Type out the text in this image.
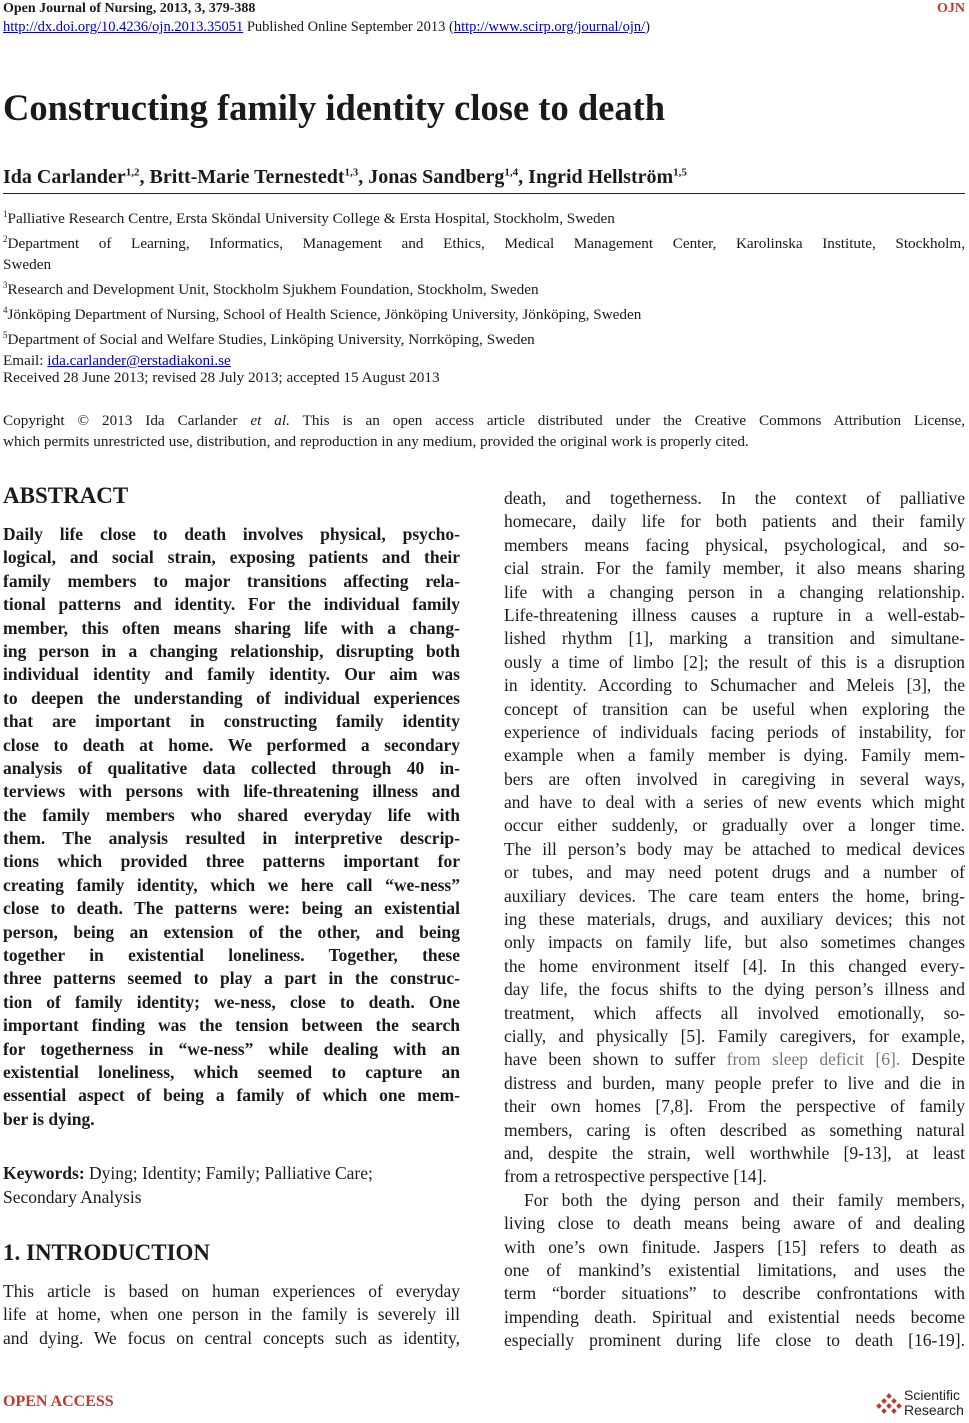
Open Journal of Nursing, 2013, 3, 379-388	OJN
http://dx.doi.org/10.4236/ojn.2013.35051 Published Online September 2013 (http://www.scirp.org/journal/ojn/)
Constructing family identity close to death
Ida Carlander$^{1,2}$, Britt-Marie Ternestedt$^{1,3}$, Jonas Sandberg$^{1,4}$, Ingrid Hellström$^{1,5}$
$^1$Palliative Research Centre, Ersta Sköndal University College & Ersta Hospital, Stockholm, Sweden
$^2$Department of Learning, Informatics, Management and Ethics, Medical Management Center, Karolinska Institute, Stockholm,
Sweden
$^3$Research and Development Unit, Stockholm Sjukhem Foundation, Stockholm, Sweden
$^4$Jönköping Department of Nursing, School of Health Science, Jönköping University, Jönköping, Sweden
$^5$Department of Social and Welfare Studies, Linköping University, Norrköping, Sweden
Email: ida.carlander@erstadiakoni.se
Received 28 June 2013; revised 28 July 2013; accepted 15 August 2013
Copyright © 2013 Ida Carlander et al. This is an open access article distributed under the Creative Commons Attribution License,
which permits unrestricted use, distribution, and reproduction in any medium, provided the original work is properly cited.
ABSTRACT
Daily life close to death involves physical, psycho-
logical, and social strain, exposing patients and their
family members to major transitions affecting rela-
tional patterns and identity. For the individual family
member, this often means sharing life with a chang-
ing person in a changing relationship, disrupting both
individual identity and family identity. Our aim was
to deepen the understanding of individual experiences
that are important in constructing family identity
close to death at home. We performed a secondary
analysis of qualitative data collected through 40 in-
terviews with persons with life-threatening illness and
the family members who shared everyday life with
them. The analysis resulted in interpretive descrip-
tions which provided three patterns important for
creating family identity, which we here call “we-ness”
close to death. The patterns were: being an existential
person, being an extension of the other, and being
together in existential loneliness. Together, these
three patterns seemed to play a part in the construc-
tion of family identity; we-ness, close to death. One
important finding was the tension between the search
for togetherness in “we-ness” while dealing with an
existential loneliness, which seemed to capture an
essential aspect of being a family of which one mem-
ber is dying.
Keywords: Dying; Identity; Family; Palliative Care;
Secondary Analysis
1. INTRODUCTION
This article is based on human experiences of everyday
life at home, when one person in the family is severely ill
and dying. We focus on central concepts such as identity,
death, and togetherness. In the context of palliative
homecare, daily life for both patients and their family
members means facing physical, psychological, and so-
cial strain. For the family member, it also means sharing
life with a changing person in a changing relationship.
Life-threatening illness causes a rupture in a well-estab-
lished rhythm [1], marking a transition and simultane-
ously a time of limbo [2]; the result of this is a disruption
in identity. According to Schumacher and Meleis [3], the
concept of transition can be useful when exploring the
experience of individuals facing periods of instability, for
example when a family member is dying. Family mem-
bers are often involved in caregiving in several ways,
and have to deal with a series of new events which might
occur either suddenly, or gradually over a longer time.
The ill person’s body may be attached to medical devices
or tubes, and may need potent drugs and a number of
auxiliary devices. The care team enters the home, bring-
ing these materials, drugs, and auxiliary devices; this not
only impacts on family life, but also sometimes changes
the home environment itself [4]. In this changed every-
day life, the focus shifts to the dying person’s illness and
treatment, which affects all involved emotionally, so-
cially, and physically [5]. Family caregivers, for example,
have been shown to suffer from sleep deficit [6]. Despite
distress and burden, many people prefer to live and die in
their own homes [7,8]. From the perspective of family
members, caring is often described as something natural
and, despite the strain, well worthwhile [9-13], at least
from a retrospective perspective [14].
For both the dying person and their family members,
living close to death means being aware of and dealing
with one’s own finitude. Jaspers [15] refers to death as
one of mankind’s existential limitations, and uses the
term “border situations” to describe confrontations with
impending death. Spiritual and existential needs become
especially prominent during life close to death [16-19].
OPEN ACCESS	Scientific
Research
